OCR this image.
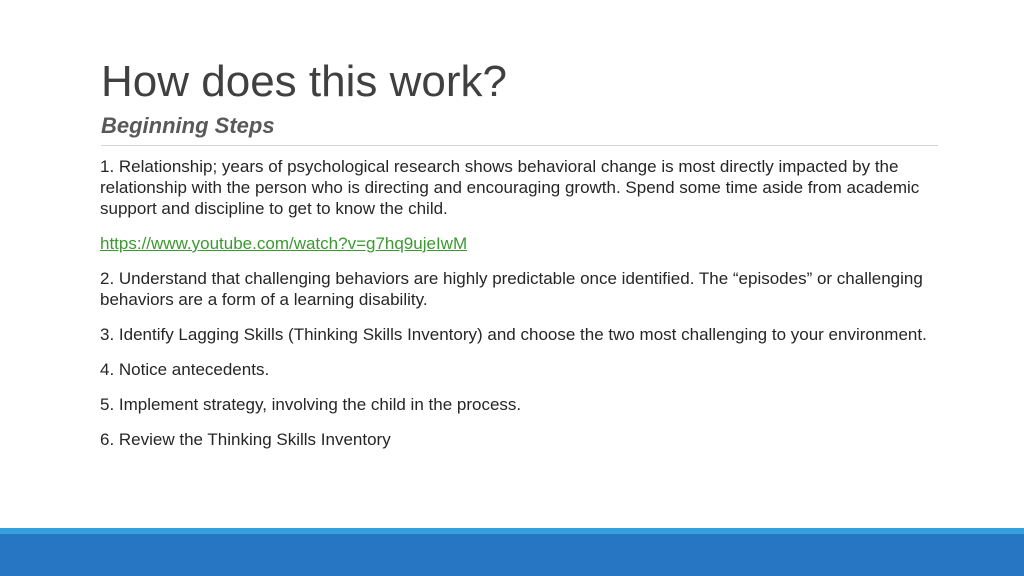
How does this work?
Beginning Steps

1. Relationship; years of psychological research shows behavioral change is most directly impacted by the relationship with the person who is directing and encouraging growth. Spend some time aside from academic support and discipline to get to know the child.

https://www.youtube.com/watch?v=g7hq9ujeIwM

2. Understand that challenging behaviors are highly predictable once identified. The “episodes” or challenging behaviors are a form of a learning disability.

3. Identify Lagging Skills (Thinking Skills Inventory) and choose the two most challenging to your environment.

4. Notice antecedents.

5. Implement strategy, involving the child in the process.

6. Review the Thinking Skills Inventory
